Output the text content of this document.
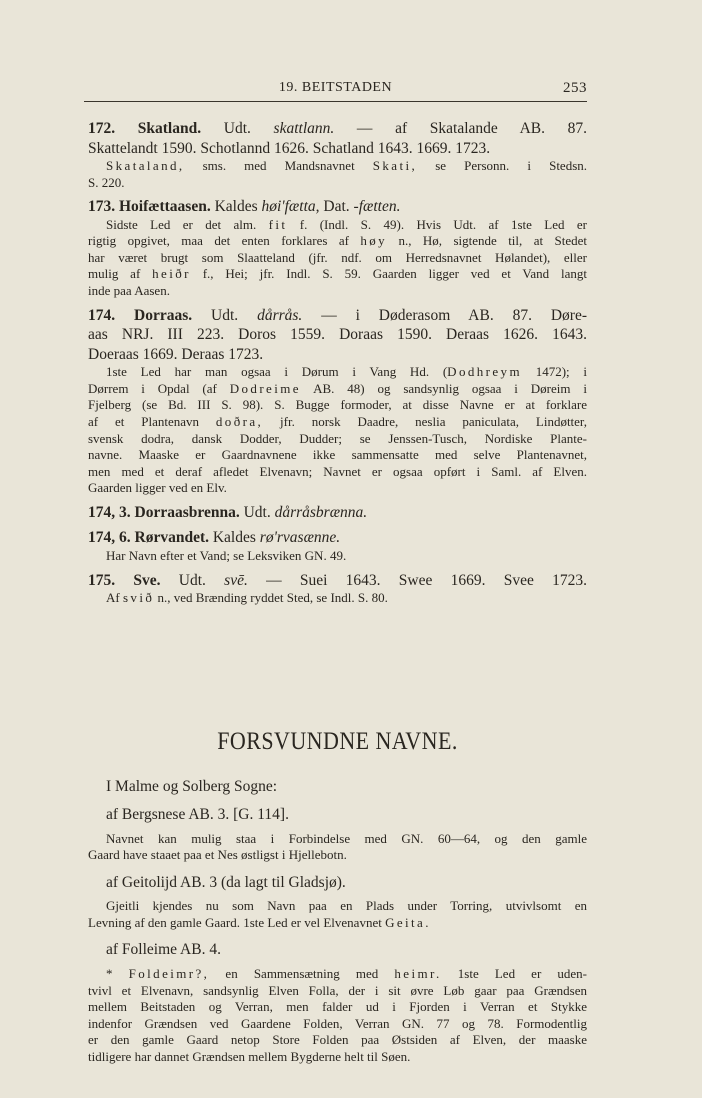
19. BEITSTADEN	253
172. Skatland. Udt. skattlann. — af Skatalande AB. 87.
Skattelandt 1590. Schotlannd 1626. Schatland 1643. 1669. 1723.
Skataland, sms. med Mandsnavnet Skati, se Personn. i Stedsn.
S. 220.
173. Hoifættaasen. Kaldes høi'fætta, Dat. -fætten.
Sidste Led er det alm. fit f. (Indl. S. 49). Hvis Udt. af 1ste Led er
rigtig opgivet, maa det enten forklares af høy n., Hø, sigtende til, at Stedet
har været brugt som Slaatteland (jfr. ndf. om Herredsnavnet Hølandet), eller
mulig af heiðr f., Hei; jfr. Indl. S. 59. Gaarden ligger ved et Vand langt
inde paa Aasen.
174. Dorraas. Udt. dårrås. — i Døderasom AB. 87. Døre-
aas NRJ. III 223. Doros 1559. Doraas 1590. Deraas 1626. 1643.
Doeraas 1669. Deraas 1723.
1ste Led har man ogsaa i Dørum i Vang Hd. (Dodhreym 1472); i
Dørrem i Opdal (af Dodreime AB. 48) og sandsynlig ogsaa i Døreim i
Fjelberg (se Bd. III S. 98). S. Bugge formoder, at disse Navne er at forklare
af et Plantenavn doðra, jfr. norsk Daadre, neslia paniculata, Lindøtter,
svensk dodra, dansk Dodder, Dudder; se Jenssen-Tusch, Nordiske Plante-
navne. Maaske er Gaardnavnene ikke sammensatte med selve Plantenavnet,
men med et deraf afledet Elvenavn; Navnet er ogsaa opført i Saml. af Elven.
Gaarden ligger ved en Elv.
174, 3. Dorraasbrenna. Udt. dårråsbrænna.
174, 6. Rørvandet. Kaldes rø'rvasænne.
Har Navn efter et Vand; se Leksviken GN. 49.
175. Sve. Udt. svē. — Suei 1643. Swee 1669. Svee 1723.
Af svið n., ved Brænding ryddet Sted, se Indl. S. 80.
FORSVUNDNE NAVNE.
I Malme og Solberg Sogne:
af Bergsnese AB. 3. [G. 114].
Navnet kan mulig staa i Forbindelse med GN. 60—64, og den gamle
Gaard have staaet paa et Nes østligst i Hjellebotn.
af Geitolijd AB. 3 (da lagt til Gladsjø).
Gjeitli kjendes nu som Navn paa en Plads under Torring, utvivlsomt en
Levning af den gamle Gaard. 1ste Led er vel Elvenavnet Geita.
af Folleime AB. 4.
* Foldeimr?, en Sammensætning med heimr. 1ste Led er uden-
tvivl et Elvenavn, sandsynlig Elven Folla, der i sit øvre Løb gaar paa Grændsen
mellem Beitstaden og Verran, men falder ud i Fjorden i Verran et Stykke
indenfor Grændsen ved Gaardene Folden, Verran GN. 77 og 78. Formodentlig
er den gamle Gaard netop Store Folden paa Østsiden af Elven, der maaske
tidligere har dannet Grændsen mellem Bygderne helt til Søen.
